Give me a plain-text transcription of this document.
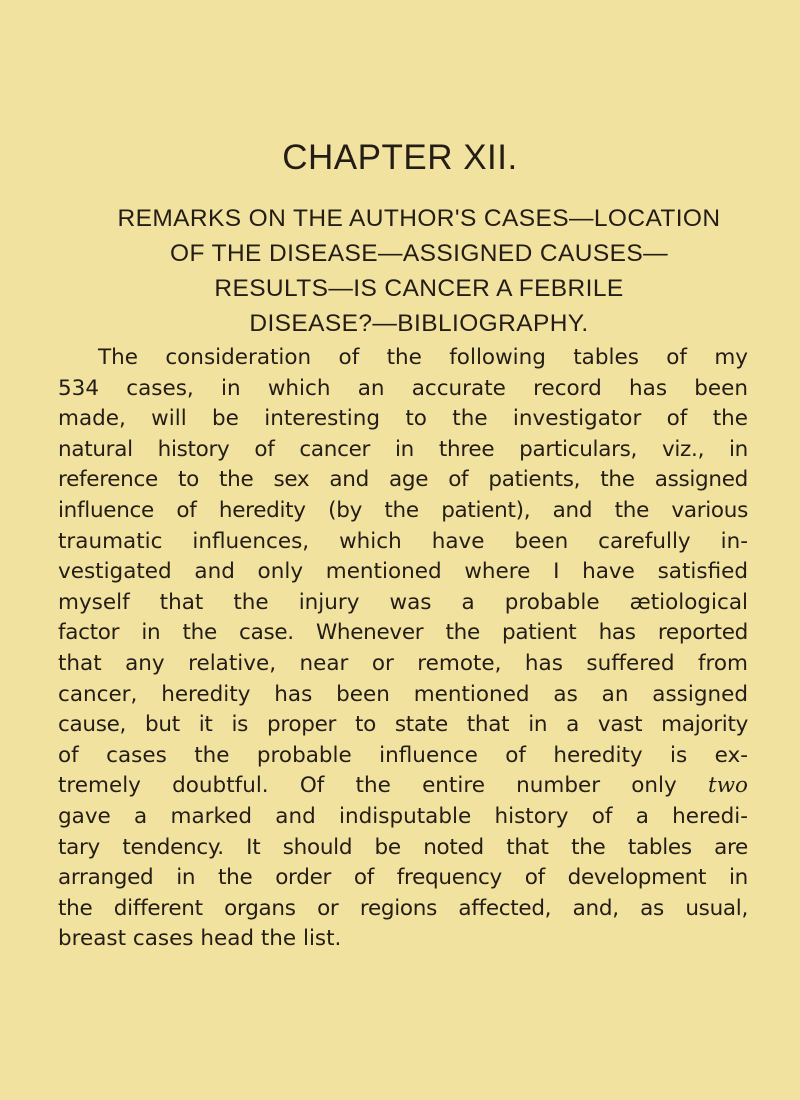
CHAPTER XII.
REMARKS ON THE AUTHOR'S CASES—LOCATION
OF THE DISEASE—ASSIGNED CAUSES—
RESULTS—IS CANCER A FEBRILE
DISEASE?—BIBLIOGRAPHY.
The consideration of the following tables of my
534 cases, in which an accurate record has been
made, will be interesting to the investigator of the
natural history of cancer in three particulars, viz., in
reference to the sex and age of patients, the assigned
influence of heredity (by the patient), and the various
traumatic influences, which have been carefully in-
vestigated and only mentioned where I have satisfied
myself that the injury was a probable ætiological
factor in the case. Whenever the patient has reported
that any relative, near or remote, has suffered from
cancer, heredity has been mentioned as an assigned
cause, but it is proper to state that in a vast majority
of cases the probable influence of heredity is ex-
tremely doubtful. Of the entire number only two
gave a marked and indisputable history of a heredi-
tary tendency. It should be noted that the tables are
arranged in the order of frequency of development in
the different organs or regions affected, and, as usual,
breast cases head the list.
